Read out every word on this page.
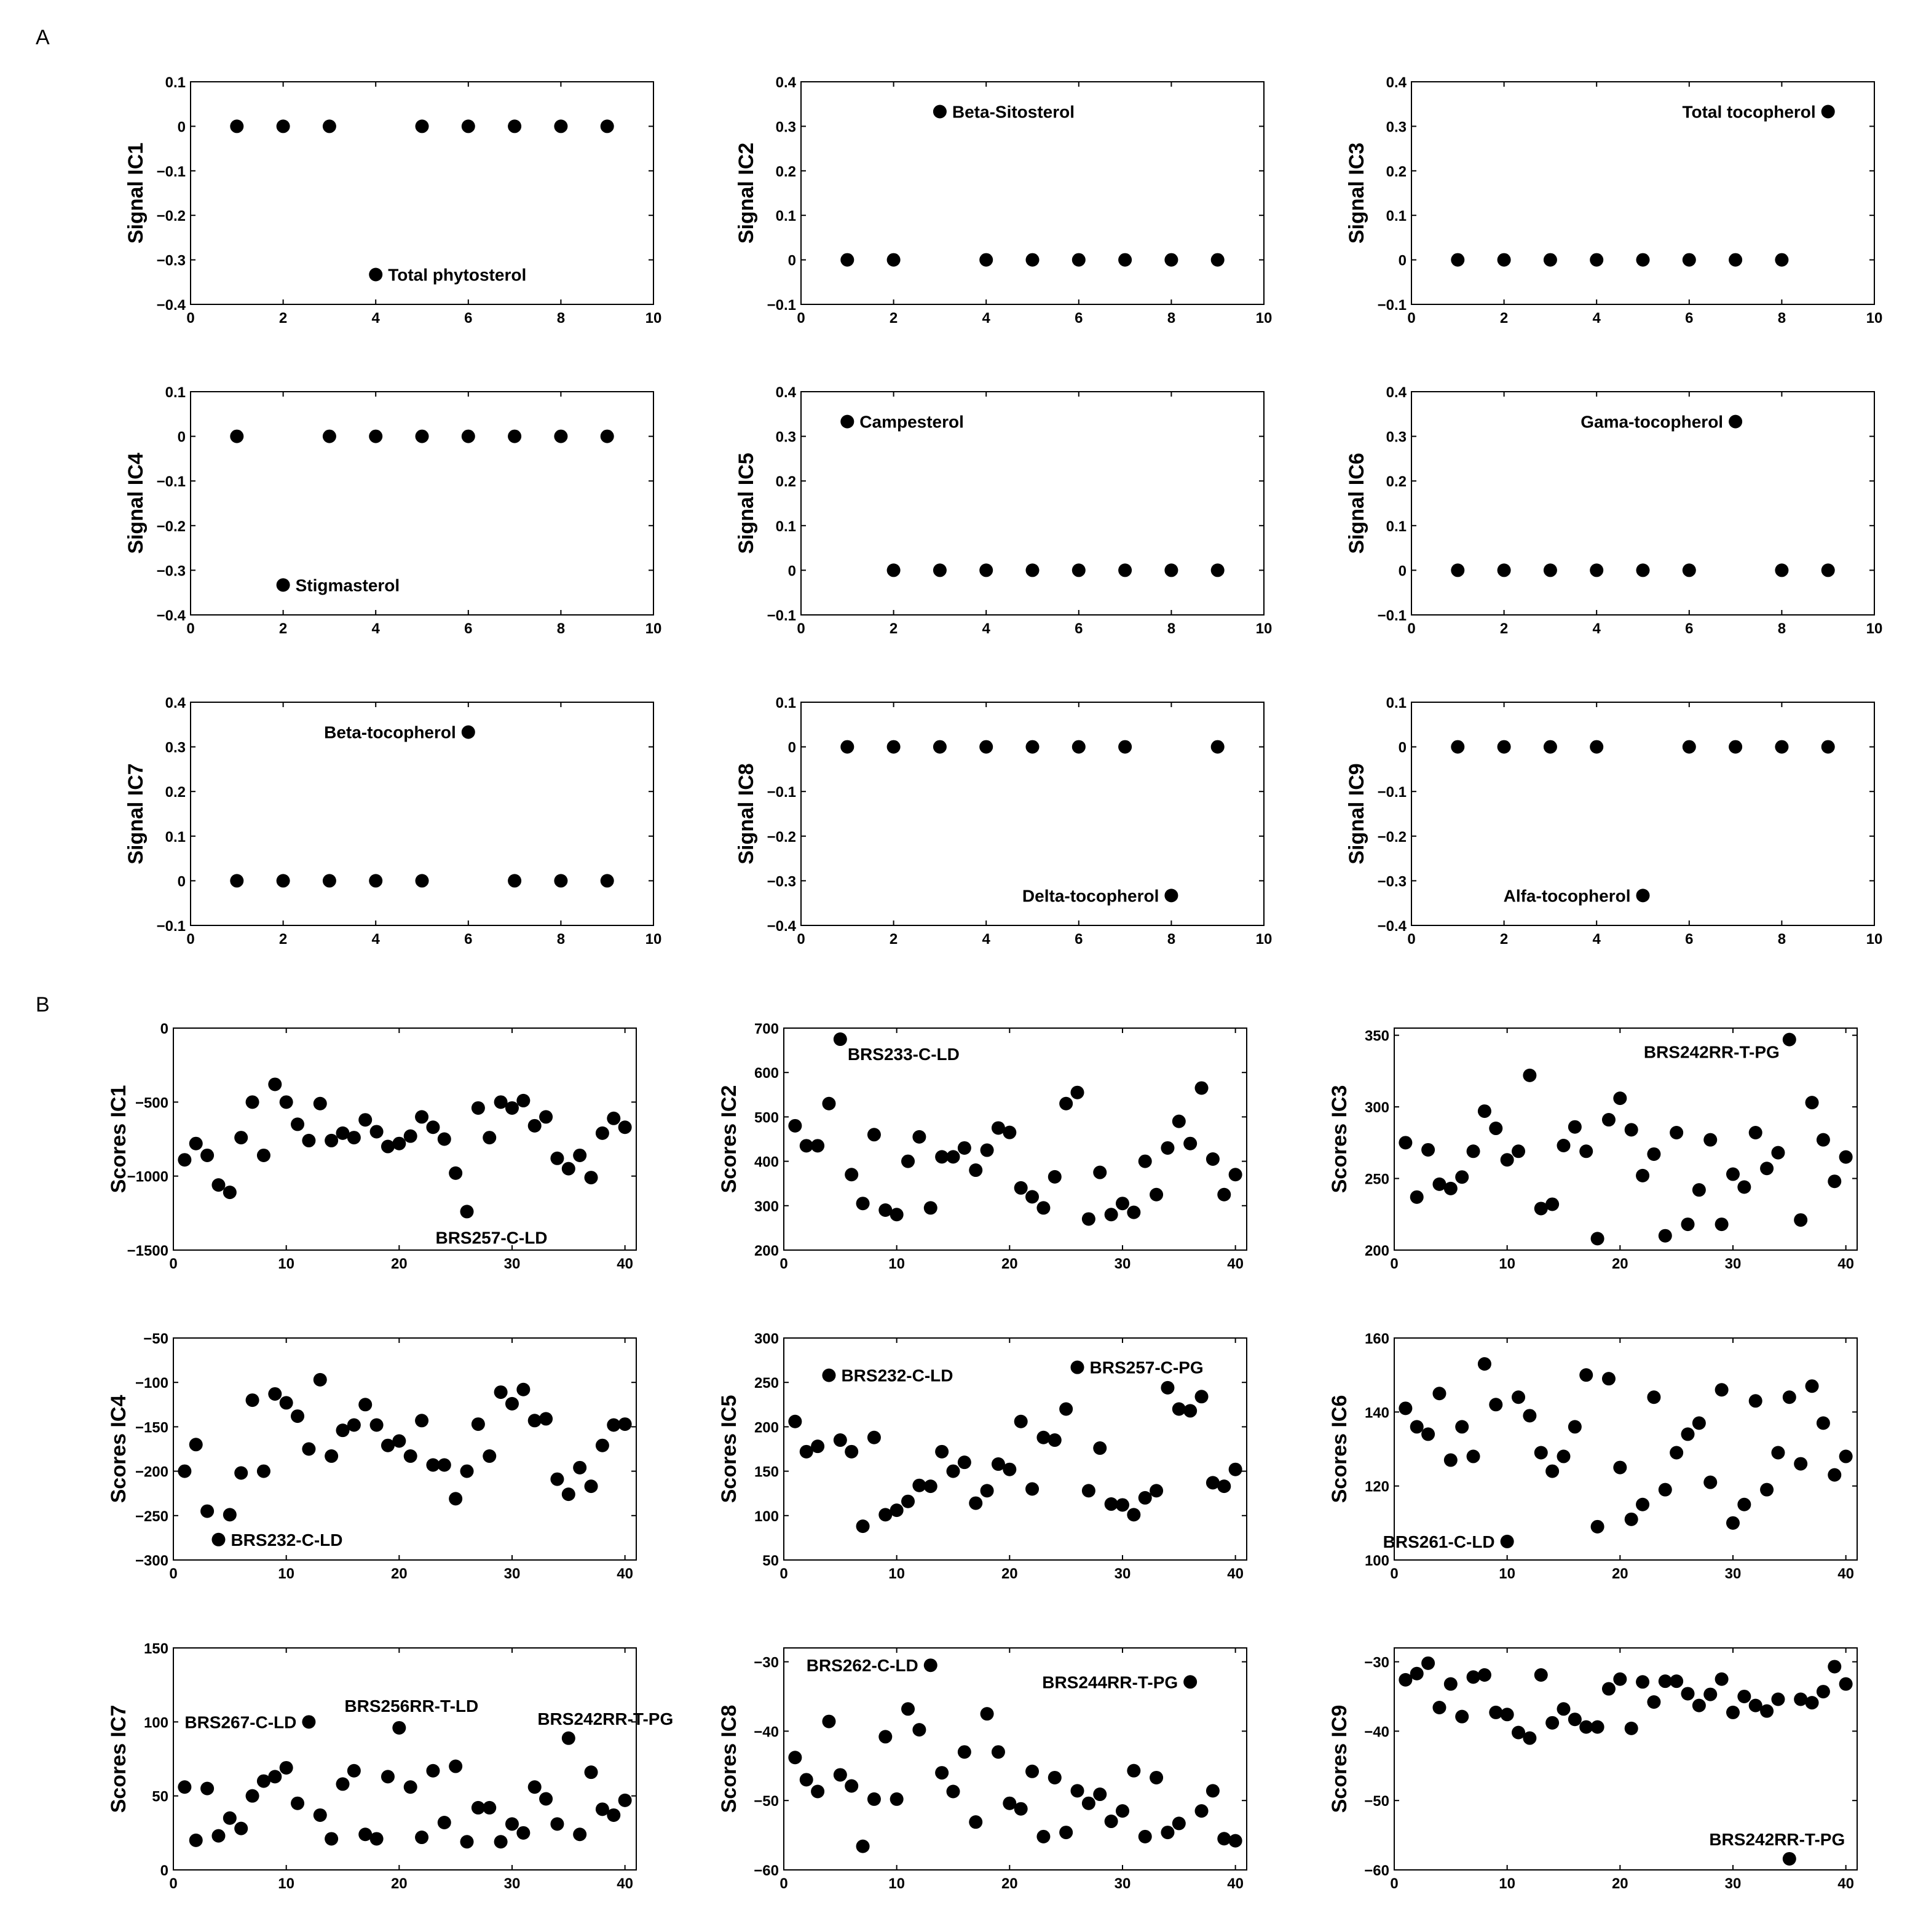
A
B
0	2	4	6	8	10
−0.4
−0.3
−0.2
−0.1
0
0.1
Signal IC1
Total phytosterol
0	2	4	6	8	10
−0.1
0
0.1
0.2
0.3
0.4
Signal IC2
Beta-Sitosterol
0	2	4	6	8	10
−0.1
0
0.1
0.2
0.3
0.4
Signal IC3
Total tocopherol
0	2	4	6	8	10
−0.4
−0.3
−0.2
−0.1
0
0.1
Signal IC4
Stigmasterol
0	2	4	6	8	10
−0.1
0
0.1
0.2
0.3
0.4
Signal IC5
Campesterol
0	2	4	6	8	10
−0.1
0
0.1
0.2
0.3
0.4
Signal IC6
Gama-tocopherol
0	2	4	6	8	10
−0.1
0
0.1
0.2
0.3
0.4
Signal IC7
Beta-tocopherol
0	2	4	6	8	10
−0.4
−0.3
−0.2
−0.1
0
0.1
Signal IC8
Delta-tocopherol
0	2	4	6	8	10
−0.4
−0.3
−0.2
−0.1
0
0.1
Signal IC9
Alfa-tocopherol
0	10	20	30	40
−1500
−1000
−500
0
Scores IC1
BRS257-C-LD
0	10	20	30	40
200
300
400
500
600
700
Scores IC2
BRS233-C-LD
0	10	20	30	40
200
250
300
350
Scores IC3
BRS242RR-T-PG
0	10	20	30	40
−300
−250
−200
−150
−100
−50
Scores IC4
BRS232-C-LD
0	10	20	30	40
50
100
150
200
250
300
Scores IC5
BRS232-C-LD	BRS257-C-PG
0	10	20	30	40
100
120
140
160
Scores IC6
BRS261-C-LD
0	10	20	30	40
0
50
100
150
Scores IC7	BRS267-C-LD
BRS256RR-T-LD
BRS242RR-T-PG
0	10	20	30	40
−60
−50
−40
−30
Scores IC8
BRS262-C-LD
BRS244RR-T-PG
0	10	20	30	40
−60
−50
−40
−30
Scores IC9
BRS242RR-T-PG
